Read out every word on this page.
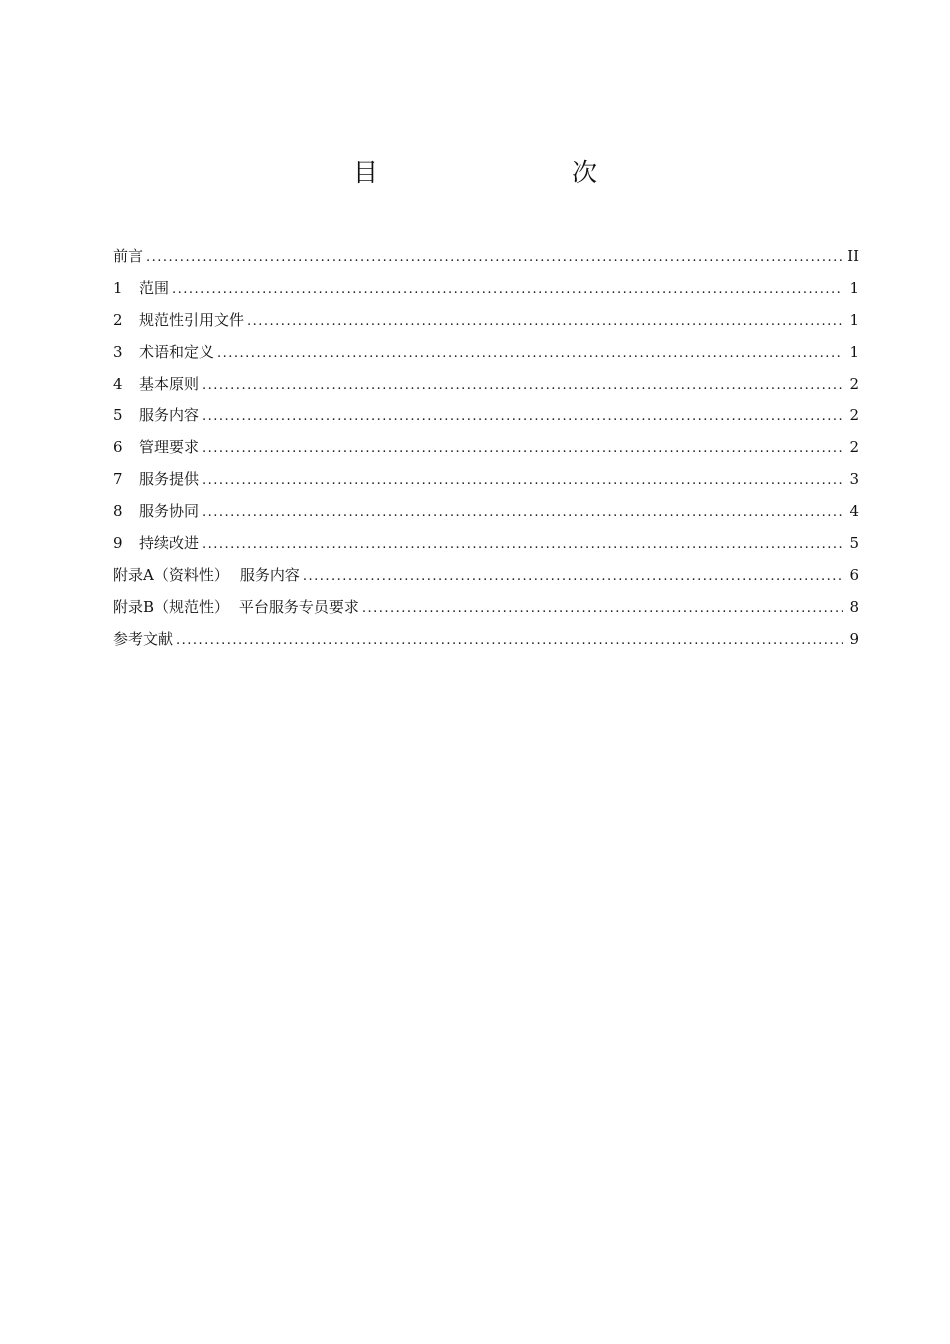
目　　次
前言 .....	II
1	范围 .....	1
2	规范性引用文件 .....	1
3	术语和定义 .....	1
4	基本原则 .....	2
5	服务内容 .....	2
6	管理要求 .....	2
7	服务提供 .....	3
8	服务协同 .....	4
9	持续改进 .....	5
附录A（资料性） 服务内容 .....	6
附录B（规范性） 平台服务专员要求 .....	8
参考文献 .....	9
